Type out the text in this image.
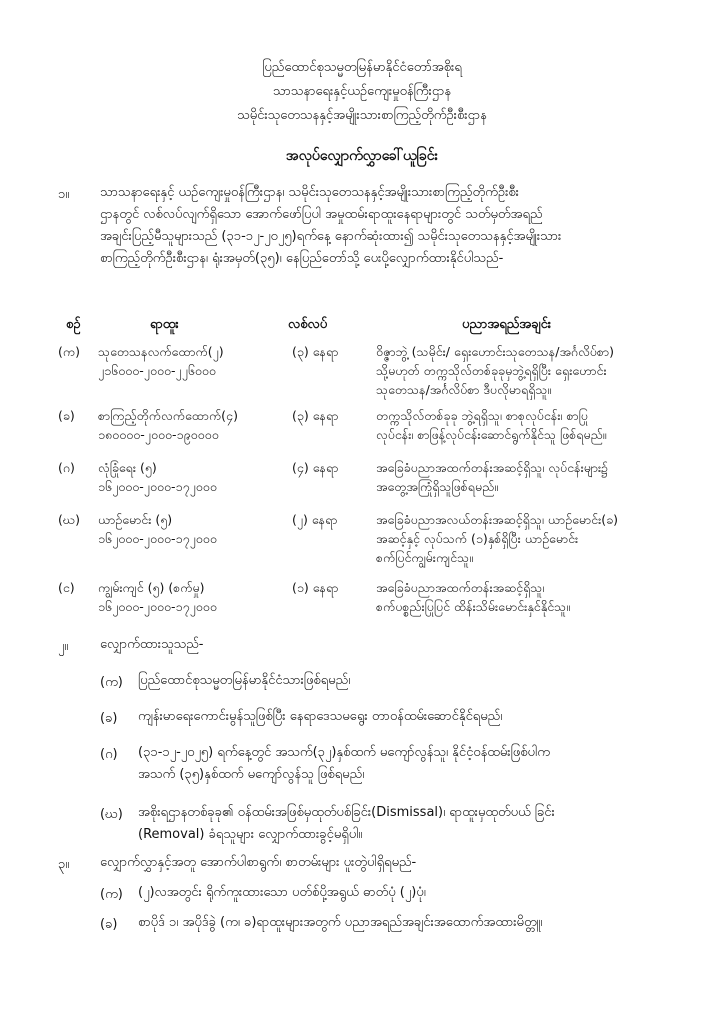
ပြည်ထောင်စုသမ္မတမြန်မာနိုင်ငံတော်အစိုးရ
သာသနာရေးနှင့်ယဉ်ကျေးမှုဝန်ကြီးဌာန
သမိုင်းသုတေသနနှင့်အမျိုးသားစာကြည့်တိုက်ဦးစီးဌာန
အလုပ်လျှောက်လွှာခေါ်ယူခြင်း
၁။ သာသနာရေးနှင့် ယဉ်ကျေးမှုဝန်ကြီးဌာန၊ သမိုင်းသုတေသနနှင့်အမျိုးသားစာကြည့်တိုက်ဦးစီး
ဌာနတွင် လစ်လပ်လျက်ရှိသော အောက်ဖော်ပြပါ အမှုထမ်းရာထူးနေရာများတွင် သတ်မှတ်အရည်
အချင်းပြည့်မီသူများသည် (၃၁-၁၂-၂၀၂၅)ရက်နေ့ နောက်ဆုံးထား၍ သမိုင်းသုတေသနနှင့်အမျိုးသား
စာကြည့်တိုက်ဦးစီးဌာန၊ ရုံးအမှတ်(၃၅)၊ နေပြည်တော်သို့ ပေးပို့လျှောက်ထားနိုင်ပါသည်-
စဉ်	ရာထူး	လစ်လပ်	ပညာအရည်အချင်း
(က) သုတေသနလက်ထောက်(၂)
၂၁၆၀၀၀-၂၀၀၀-၂၂၆၀၀၀
(၃) နေရာ	ဝိဇ္ဇာဘွဲ့ (သမိုင်း/ ရှေးဟောင်းသုတေသန/အင်္ဂလိပ်စာ)
သို့မဟုတ် တက္ကသိုလ်တစ်ခုခုမှဘွဲ့ရရှိပြီး ရှေးဟောင်း
သုတေသန/အင်္ဂလိပ်စာ ဒီပလိုမာရရှိသူ။
(ခ) စာကြည့်တိုက်လက်ထောက်(၄)
၁၈၀၀၀၀-၂၀၀၀-၁၉၀၀၀၀
(၃) နေရာ	တက္ကသိုလ်တစ်ခုခု ဘွဲ့ရရှိသူ၊ စာစုလုပ်ငန်း၊ စာပြု
လုပ်ငန်း၊ စာဖြန့်လုပ်ငန်းဆောင်ရွက်နိုင်သူ ဖြစ်ရမည်။
(ဂ) လုံခြုံရေး (၅)
၁၆၂၀၀၀-၂၀၀၀-၁၇၂၀၀၀
(၄) နေရာ	အခြေခံပညာအထက်တန်းအဆင့်ရှိသူ၊ လုပ်ငန်းများ၌
အတွေ့အကြုံရှိသူဖြစ်ရမည်။
(ဃ) ယာဉ်မောင်း (၅)
၁၆၂၀၀၀-၂၀၀၀-၁၇၂၀၀၀
(၂) နေရာ	အခြေခံပညာအလယ်တန်းအဆင့်ရှိသူ၊ ယာဉ်မောင်း(ခ)
အဆင့်နှင့် လုပ်သက် (၁)နှစ်ရှိပြီး ယာဉ်မောင်း
စက်ပြင်ကျွမ်းကျင်သူ။
(င) ကျွမ်းကျင် (၅) (စက်မှု)
၁၆၂၀၀၀-၂၀၀၀-၁၇၂၀၀၀
(၁) နေရာ	အခြေခံပညာအထက်တန်းအဆင့်ရှိသူ၊
စက်ပစ္စည်းပြုပြင် ထိန်းသိမ်းမောင်းနှင်နိုင်သူ။
၂။ လျှောက်ထားသူသည်-
(က) ပြည်ထောင်စုသမ္မတမြန်မာနိုင်ငံသားဖြစ်ရမည်၊
(ခ) ကျန်းမာရေးကောင်းမွန်သူဖြစ်ပြီး နေရာဒေသမရွေး တာဝန်ထမ်းဆောင်နိုင်ရမည်၊
(ဂ) (၃၁-၁၂-၂၀၂၅) ရက်နေ့တွင် အသက်(၃၂)နှစ်ထက် မကျော်လွန်သူ၊ နိုင်ငံ့ဝန်ထမ်းဖြစ်ပါက
အသက် (၃၅)နှစ်ထက် မကျော်လွန်သူ ဖြစ်ရမည်၊
(ဃ) အစိုးရဌာနတစ်ခုခု၏ ဝန်ထမ်းအဖြစ်မှထုတ်ပစ်ခြင်း(Dismissal)၊ ရာထူးမှထုတ်ပယ် ခြင်း
(Removal) ခံရသူများ လျှောက်ထားခွင့်မရှိပါ။
၃။ လျှောက်လွှာနှင့်အတူ အောက်ပါစာရွက်၊ စာတမ်းများ ပူးတွဲပါရှိရမည်-
(က) (၂)လအတွင်း ရိုက်ကူးထားသော ပတ်စ်ပို့အရွယ် ဓာတ်ပုံ (၂)ပုံ၊
(ခ) စာပိုဒ် ၁၊ အပိုဒ်ခွဲ (က၊ ခ)ရာထူးများအတွက် ပညာအရည်အချင်းအထောက်အထားမိတ္တူ၊
